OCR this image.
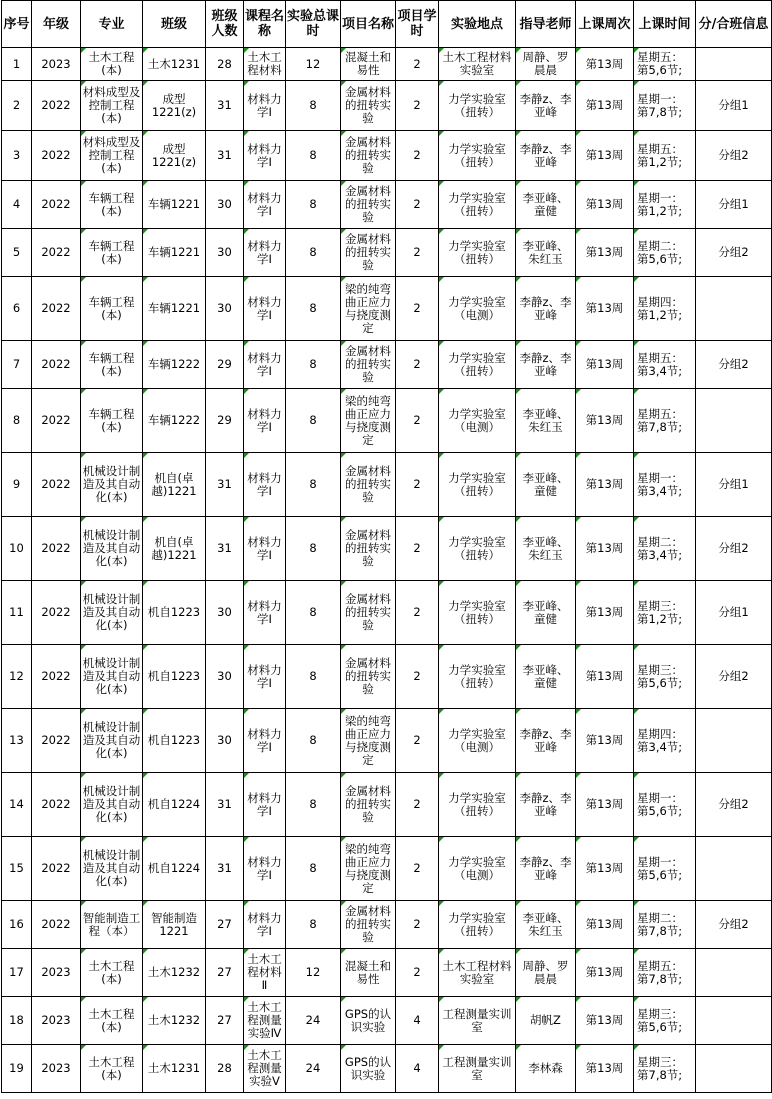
序号	年级	专业	班级	班级人数	课程名称	实验总课时	项目名称	项目学时	实验地点	指导老师	上课周次	上课时间	分/合班信息
1	2023	土木工程(本)	土木1231	28	土木工程材料	12	混凝土和易性	2	土木工程材料实验室	周静、罗晨晨	第13周	星期五：第5,6节;	
2	2022	材料成型及控制工程(本)	成型1221(z)	31	材料力学Ⅰ	8	金属材料的扭转实验	2	力学实验室（扭转）	李静z、李亚峰	第13周	星期一：第7,8节;	分组1
3	2022	材料成型及控制工程(本)	成型1221(z)	31	材料力学Ⅰ	8	金属材料的扭转实验	2	力学实验室（扭转）	李静z、李亚峰	第13周	星期五：第1,2节;	分组2
4	2022	车辆工程(本)	车辆1221	30	材料力学Ⅰ	8	金属材料的扭转实验	2	力学实验室（扭转）	李亚峰、童健	第13周	星期一：第1,2节;	分组1
5	2022	车辆工程(本)	车辆1221	30	材料力学Ⅰ	8	金属材料的扭转实验	2	力学实验室（扭转）	李亚峰、朱红玉	第13周	星期二：第5,6节;	分组2
6	2022	车辆工程(本)	车辆1221	30	材料力学Ⅰ	8	梁的纯弯曲正应力与挠度测定	2	力学实验室（电测）	李静z、李亚峰	第13周	星期四：第1,2节;	
7	2022	车辆工程(本)	车辆1222	29	材料力学Ⅰ	8	金属材料的扭转实验	2	力学实验室（扭转）	李静z、李亚峰	第13周	星期五：第3,4节;	分组2
8	2022	车辆工程(本)	车辆1222	29	材料力学Ⅰ	8	梁的纯弯曲正应力与挠度测定	2	力学实验室（电测）	李亚峰、朱红玉	第13周	星期五：第7,8节;	
9	2022	机械设计制造及其自动化(本)	机自(卓越)1221	31	材料力学Ⅰ	8	金属材料的扭转实验	2	力学实验室（扭转）	李亚峰、童健	第13周	星期一：第3,4节;	分组1
10	2022	机械设计制造及其自动化(本)	机自(卓越)1221	31	材料力学Ⅰ	8	金属材料的扭转实验	2	力学实验室（扭转）	李亚峰、朱红玉	第13周	星期二：第3,4节;	分组2
11	2022	机械设计制造及其自动化(本)	机自1223	30	材料力学Ⅰ	8	金属材料的扭转实验	2	力学实验室（扭转）	李亚峰、童健	第13周	星期三：第1,2节;	分组1
12	2022	机械设计制造及其自动化(本)	机自1223	30	材料力学Ⅰ	8	金属材料的扭转实验	2	力学实验室（扭转）	李亚峰、童健	第13周	星期三：第5,6节;	分组2
13	2022	机械设计制造及其自动化(本)	机自1223	30	材料力学Ⅰ	8	梁的纯弯曲正应力与挠度测定	2	力学实验室（电测）	李静z、李亚峰	第13周	星期四：第3,4节;	
14	2022	机械设计制造及其自动化(本)	机自1224	31	材料力学Ⅰ	8	金属材料的扭转实验	2	力学实验室（扭转）	李静z、李亚峰	第13周	星期一：第5,6节;	分组2
15	2022	机械设计制造及其自动化(本)	机自1224	31	材料力学Ⅰ	8	梁的纯弯曲正应力与挠度测定	2	力学实验室（电测）	李静z、李亚峰	第13周	星期一：第5,6节;	
16	2022	智能制造工程（本）	智能制造1221	27	材料力学Ⅰ	8	金属材料的扭转实验	2	力学实验室（扭转）	李亚峰、朱红玉	第13周	星期二：第7,8节;	分组2
17	2023	土木工程(本)	土木1232	27	土木工程材料Ⅱ	12	混凝土和易性	2	土木工程材料实验室	周静、罗晨晨	第13周	星期五：第7,8节;	
18	2023	土木工程(本)	土木1232	27	土木工程测量实验Ⅳ	24	GPS的认识实验	4	工程测量实训室	胡帆Z	第13周	星期三：第5,6节;	
19	2023	土木工程(本)	土木1231	28	土木工程测量实验Ⅴ	24	GPS的认识实验	4	工程测量实训室	李林森	第13周	星期三：第7,8节;	
